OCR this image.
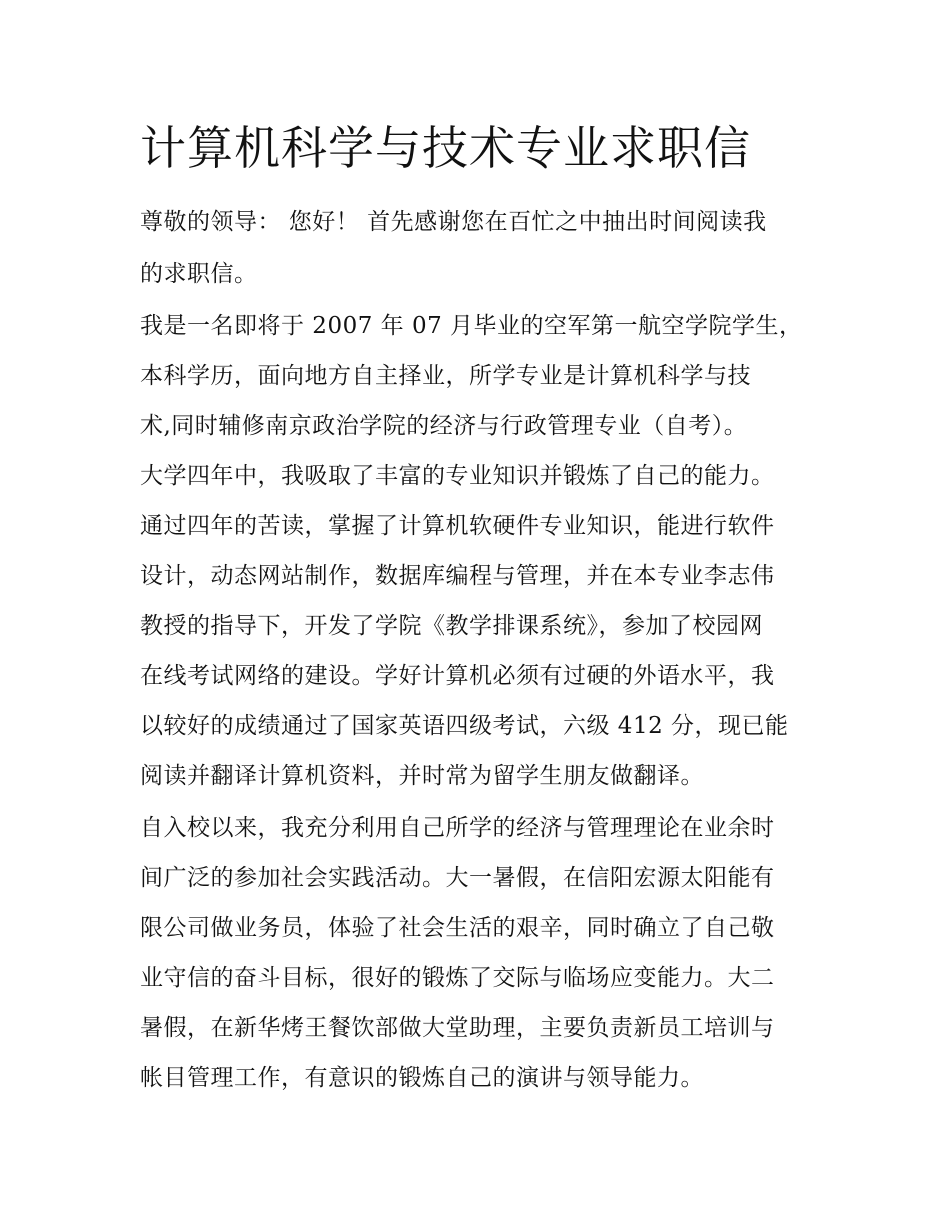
计算机科学与技术专业求职信
尊敬的领导： 您好！ 首先感谢您在百忙之中抽出时间阅读我
的求职信。
我是一名即将于 2007 年 07 月毕业的空军第一航空学院学生，
本科学历，面向地方自主择业，所学专业是计算机科学与技
术,同时辅修南京政治学院的经济与行政管理专业（自考）。
大学四年中，我吸取了丰富的专业知识并锻炼了自己的能力。
通过四年的苦读，掌握了计算机软硬件专业知识，能进行软件
设计，动态网站制作，数据库编程与管理，并在本专业李志伟
教授的指导下，开发了学院《教学排课系统》，参加了校园网
在线考试网络的建设。学好计算机必须有过硬的外语水平，我
以较好的成绩通过了国家英语四级考试，六级 412 分，现已能
阅读并翻译计算机资料，并时常为留学生朋友做翻译。
自入校以来，我充分利用自己所学的经济与管理理论在业余时
间广泛的参加社会实践活动。大一暑假，在信阳宏源太阳能有
限公司做业务员，体验了社会生活的艰辛，同时确立了自己敬
业守信的奋斗目标，很好的锻炼了交际与临场应变能力。大二
暑假，在新华烤王餐饮部做大堂助理，主要负责新员工培训与
帐目管理工作，有意识的锻炼自己的演讲与领导能力。
